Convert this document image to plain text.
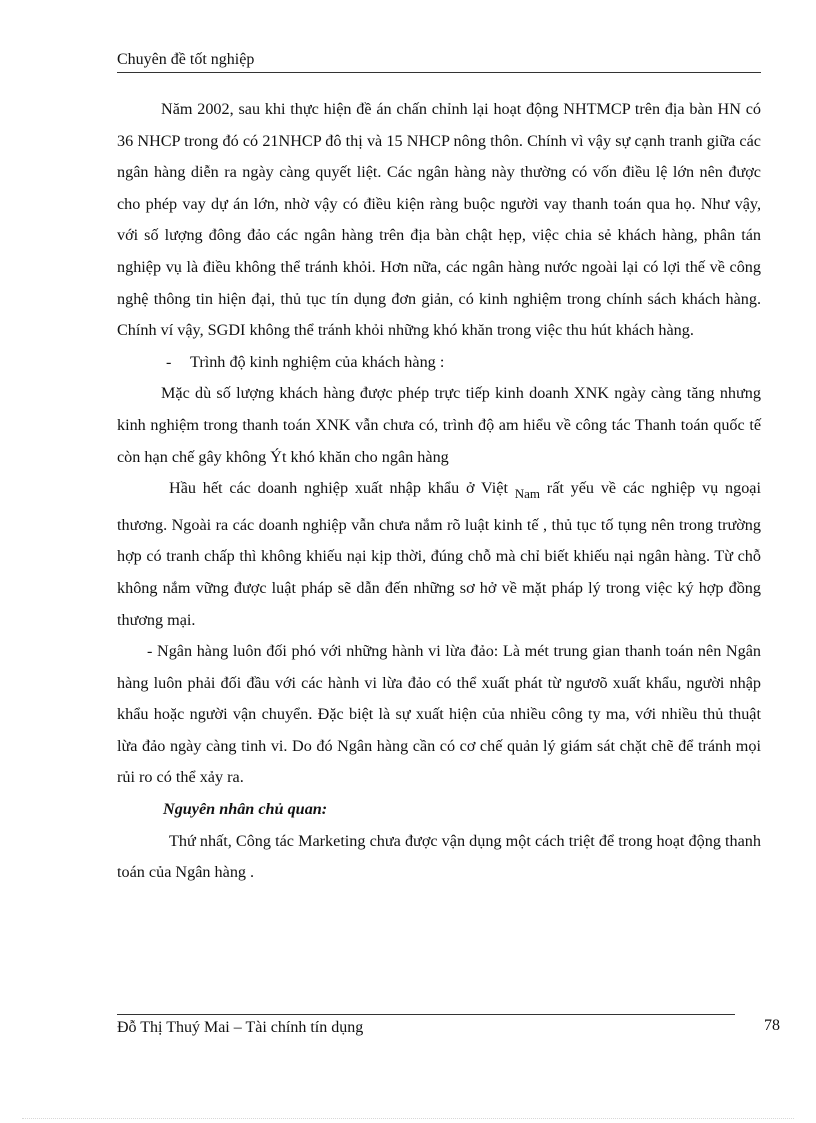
Chuyên đề tốt nghiệp

Năm 2002, sau khi thực hiện đề án chấn chỉnh lại hoạt động NHTMCP trên địa bàn HN có 36 NHCP trong đó có 21NHCP đô thị và 15 NHCP nông thôn. Chính vì vậy sự cạnh tranh giữa các ngân hàng diễn ra ngày càng quyết liệt. Các ngân hàng này thường có vốn điều lệ lớn nên được cho phép vay dự án lớn, nhờ vậy có điều kiện ràng buộc người vay thanh toán qua họ. Như vậy, với số lượng đông đảo các ngân hàng trên địa bàn chật hẹp, việc chia sẻ khách hàng, phân tán nghiệp vụ là điều không thể tránh khỏi. Hơn nữa, các ngân hàng nước ngoài lại có lợi thế về công nghệ thông tin hiện đại, thủ tục tín dụng đơn giản, có kinh nghiệm trong chính sách khách hàng. Chính ví vậy, SGDI không thể tránh khỏi những khó khăn trong việc thu hút khách hàng.

- Trình độ kinh nghiệm của khách hàng :

Mặc dù số lượng khách hàng được phép trực tiếp kinh doanh XNK ngày càng tăng nhưng kinh nghiệm trong thanh toán XNK vẫn chưa có, trình độ am hiểu về công tác Thanh toán quốc tế còn hạn chế gây không Ýt khó khăn cho ngân hàng

Hầu hết các doanh nghiệp xuất nhập khẩu ở Việt $_{Nam}$ rất yếu về các nghiệp vụ ngoại thương. Ngoài ra các doanh nghiệp vẫn chưa nắm rõ luật kinh tế , thủ tục tố tụng nên trong trường hợp có tranh chấp thì không khiếu nại kịp thời, đúng chỗ mà chỉ biết khiếu nại ngân hàng. Từ chỗ không nắm vững được luật pháp sẽ dẫn đến những sơ hở về mặt pháp lý trong việc ký hợp đồng thương mại.

- Ngân hàng luôn đối phó với những hành vi lừa đảo: Là mét trung gian thanh toán nên Ngân hàng luôn phải đối đầu với các hành vi lừa đảo có thể xuất phát từ ngươõ xuất khẩu, người nhập khẩu hoặc người vận chuyển. Đặc biệt là sự xuất hiện của nhiều công ty ma, với nhiều thủ thuật lừa đảo ngày càng tinh vi. Do đó Ngân hàng cần có cơ chế quản lý giám sát chặt chẽ để tránh mọi rủi ro có thể xảy ra.

Nguyên nhân chủ quan:

Thứ nhất, Công tác Marketing chưa được vận dụng một cách triệt để trong hoạt động thanh toán của Ngân hàng .

Đỗ Thị Thuý Mai – Tài chính tín dụng	78
